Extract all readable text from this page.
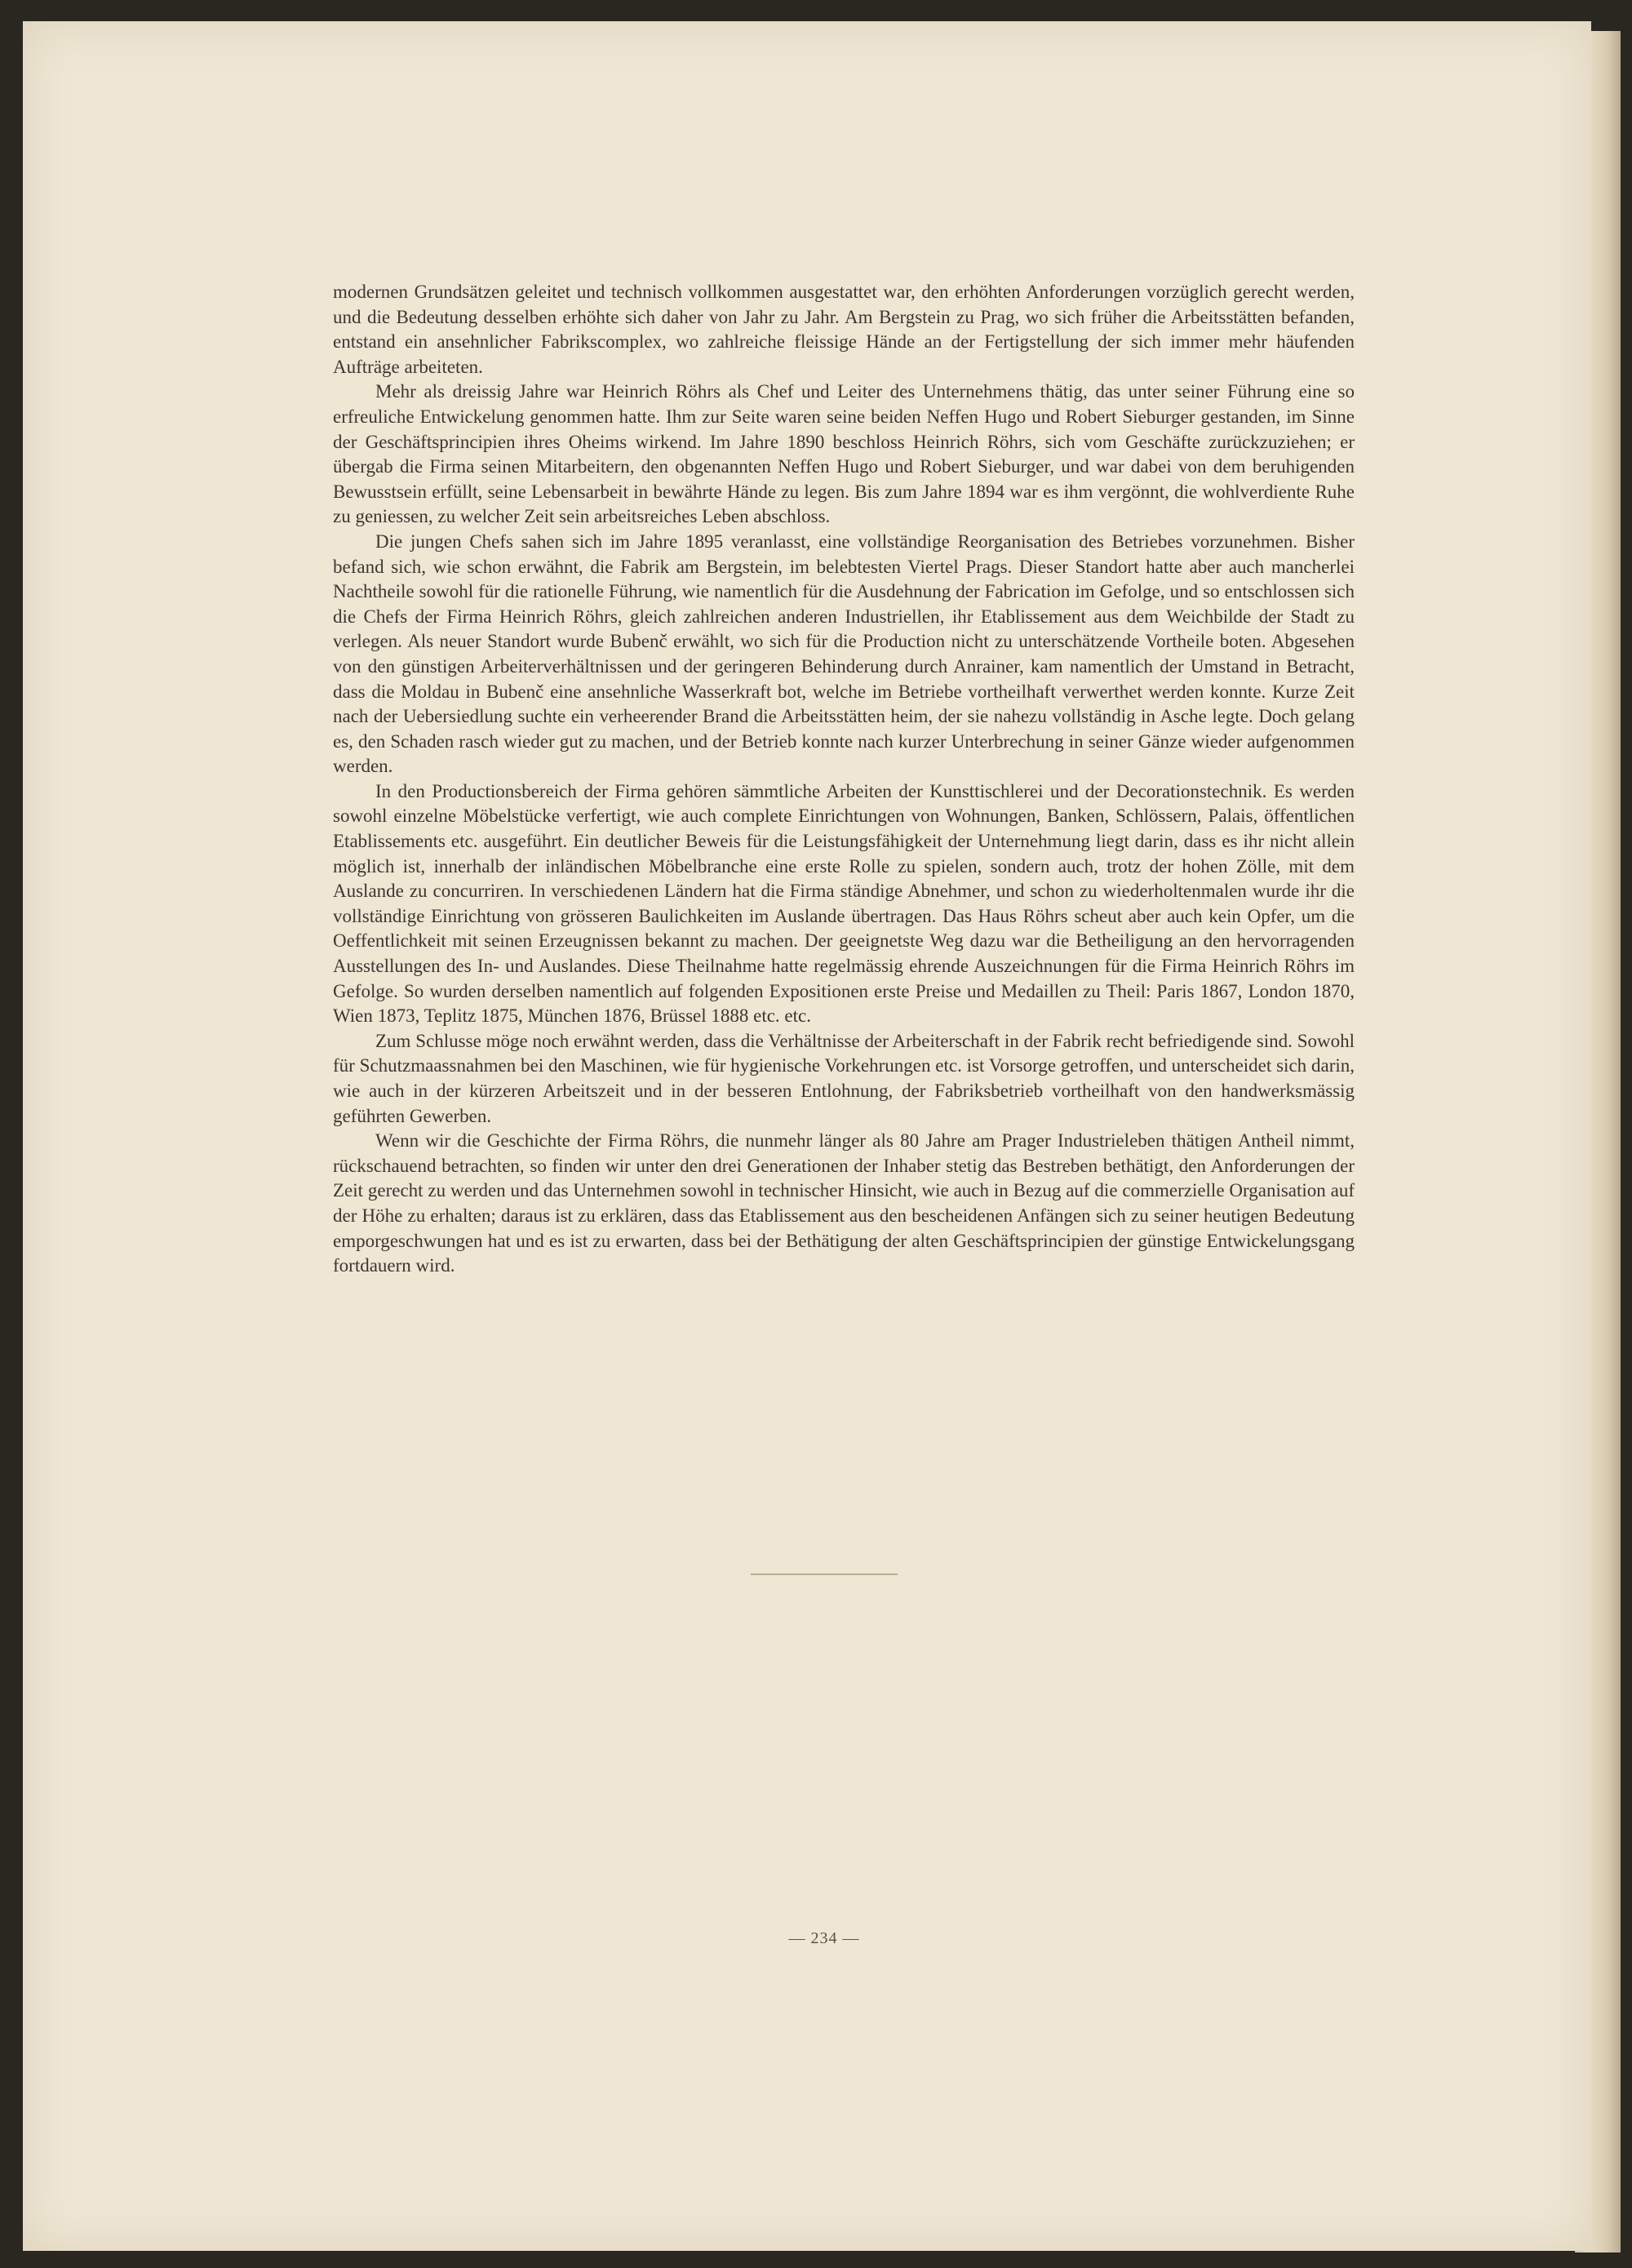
modernen Grundsätzen geleitet und technisch vollkommen ausgestattet war, den erhöhten Anforderungen vorzüglich gerecht werden, und die Bedeutung desselben erhöhte sich daher von Jahr zu Jahr. Am Bergstein zu Prag, wo sich früher die Arbeitsstätten befanden, entstand ein ansehnlicher Fabrikscomplex, wo zahlreiche fleissige Hände an der Fertigstellung der sich immer mehr häufenden Aufträge arbeiteten.

Mehr als dreissig Jahre war Heinrich Röhrs als Chef und Leiter des Unternehmens thätig, das unter seiner Führung eine so erfreuliche Entwickelung genommen hatte. Ihm zur Seite waren seine beiden Neffen Hugo und Robert Sieburger gestanden, im Sinne der Geschäftsprincipien ihres Oheims wirkend. Im Jahre 1890 beschloss Heinrich Röhrs, sich vom Geschäfte zurückzuziehen; er übergab die Firma seinen Mitarbeitern, den obgenannten Neffen Hugo und Robert Sieburger, und war dabei von dem beruhigenden Bewusstsein erfüllt, seine Lebensarbeit in bewährte Hände zu legen. Bis zum Jahre 1894 war es ihm vergönnt, die wohlverdiente Ruhe zu geniessen, zu welcher Zeit sein arbeitsreiches Leben abschloss.

Die jungen Chefs sahen sich im Jahre 1895 veranlasst, eine vollständige Reorganisation des Betriebes vorzunehmen. Bisher befand sich, wie schon erwähnt, die Fabrik am Bergstein, im belebtesten Viertel Prags. Dieser Standort hatte aber auch mancherlei Nachtheile sowohl für die rationelle Führung, wie namentlich für die Ausdehnung der Fabrication im Gefolge, und so entschlossen sich die Chefs der Firma Heinrich Röhrs, gleich zahlreichen anderen Industriellen, ihr Etablissement aus dem Weichbilde der Stadt zu verlegen. Als neuer Standort wurde Bubenč erwählt, wo sich für die Production nicht zu unterschätzende Vortheile boten. Abgesehen von den günstigen Arbeiterverhältnissen und der geringeren Behinderung durch Anrainer, kam namentlich der Umstand in Betracht, dass die Moldau in Bubenč eine ansehnliche Wasserkraft bot, welche im Betriebe vortheilhaft verwerthet werden konnte. Kurze Zeit nach der Uebersiedlung suchte ein verheerender Brand die Arbeitsstätten heim, der sie nahezu vollständig in Asche legte. Doch gelang es, den Schaden rasch wieder gut zu machen, und der Betrieb konnte nach kurzer Unterbrechung in seiner Gänze wieder aufgenommen werden.

In den Productionsbereich der Firma gehören sämmtliche Arbeiten der Kunsttischlerei und der Decorationstechnik. Es werden sowohl einzelne Möbelstücke verfertigt, wie auch complete Einrichtungen von Wohnungen, Banken, Schlössern, Palais, öffentlichen Etablissements etc. ausgeführt. Ein deutlicher Beweis für die Leistungsfähigkeit der Unternehmung liegt darin, dass es ihr nicht allein möglich ist, innerhalb der inländischen Möbelbranche eine erste Rolle zu spielen, sondern auch, trotz der hohen Zölle, mit dem Auslande zu concurriren. In verschiedenen Ländern hat die Firma ständige Abnehmer, und schon zu wiederholtenmalen wurde ihr die vollständige Einrichtung von grösseren Baulichkeiten im Auslande übertragen. Das Haus Röhrs scheut aber auch kein Opfer, um die Oeffentlichkeit mit seinen Erzeugnissen bekannt zu machen. Der geeignetste Weg dazu war die Betheiligung an den hervorragenden Ausstellungen des In- und Auslandes. Diese Theilnahme hatte regelmässig ehrende Auszeichnungen für die Firma Heinrich Röhrs im Gefolge. So wurden derselben namentlich auf folgenden Expositionen erste Preise und Medaillen zu Theil: Paris 1867, London 1870, Wien 1873, Teplitz 1875, München 1876, Brüssel 1888 etc. etc.

Zum Schlusse möge noch erwähnt werden, dass die Verhältnisse der Arbeiterschaft in der Fabrik recht befriedigende sind. Sowohl für Schutzmaassnahmen bei den Maschinen, wie für hygienische Vorkehrungen etc. ist Vorsorge getroffen, und unterscheidet sich darin, wie auch in der kürzeren Arbeitszeit und in der besseren Entlohnung, der Fabriksbetrieb vortheilhaft von den handwerksmässig geführten Gewerben.

Wenn wir die Geschichte der Firma Röhrs, die nunmehr länger als 80 Jahre am Prager Industrieleben thätigen Antheil nimmt, rückschauend betrachten, so finden wir unter den drei Generationen der Inhaber stetig das Bestreben bethätigt, den Anforderungen der Zeit gerecht zu werden und das Unternehmen sowohl in technischer Hinsicht, wie auch in Bezug auf die commerzielle Organisation auf der Höhe zu erhalten; daraus ist zu erklären, dass das Etablissement aus den bescheidenen Anfängen sich zu seiner heutigen Bedeutung emporgeschwungen hat und es ist zu erwarten, dass bei der Bethätigung der alten Geschäftsprincipien der günstige Entwickelungsgang fortdauern wird.

— 234 —
